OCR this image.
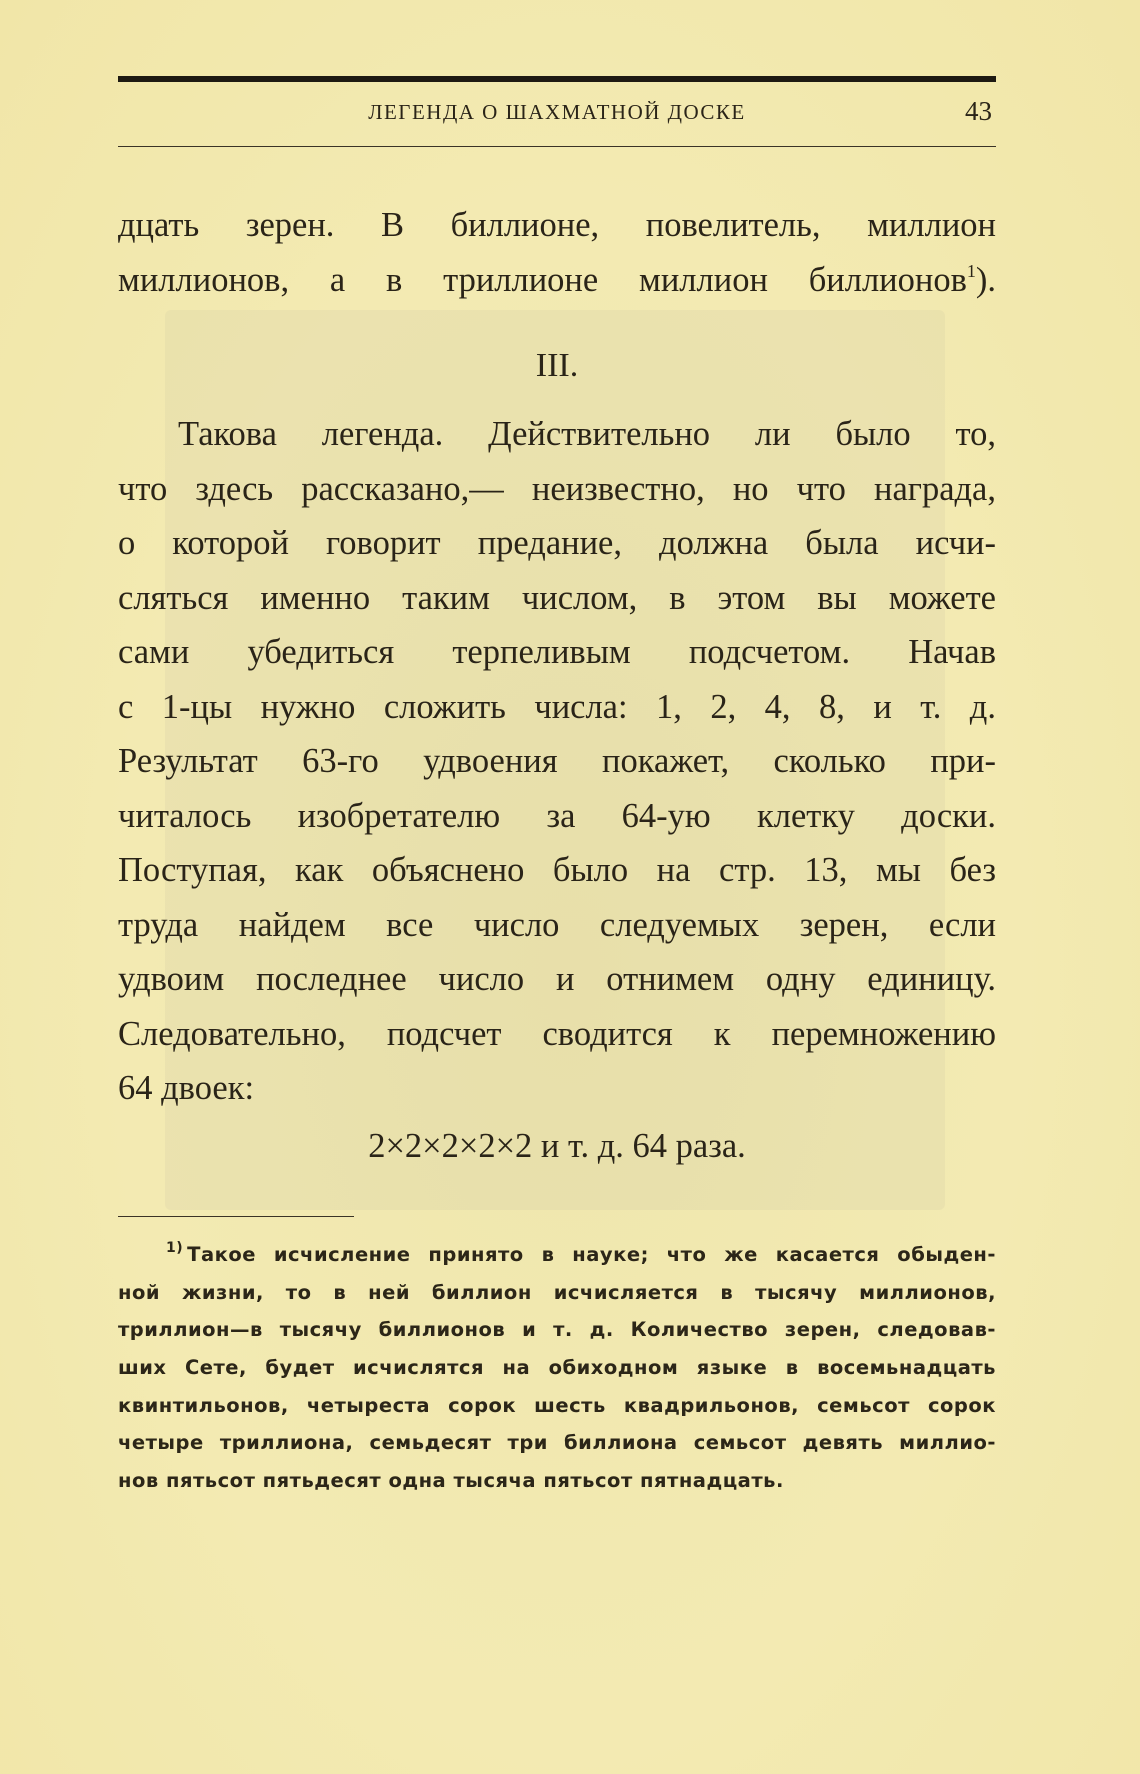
ЛЕГЕНДА О ШАХМАТНОЙ ДОСКЕ	43
дцать зерен. В биллионе, повелитель, миллион
миллионов, а в триллионе миллион биллионов$^1$).
III.
Такова легенда. Действительно ли было то,
что здесь рассказано,— неизвестно, но что награда,
о которой говорит предание, должна была исчи-
сляться именно таким числом, в этом вы можете
сами убедиться терпеливым подсчетом. Начав
с 1-цы нужно сложить числа: 1, 2, 4, 8, и т. д.
Результат 63-го удвоения покажет, сколько при-
читалось изобретателю за 64-ую клетку доски.
Поступая, как объяснено было на стр. 13, мы без
труда найдем все число следуемых зерен, если
удвоим последнее число и отнимем одну единицу.
Следовательно, подсчет сводится к перемножению
64 двоек:
2×2×2×2×2 и т. д. 64 раза.
$^{1)}$ Такое исчисление принято в науке; что же касается обыден-
ной жизни, то в ней биллион исчисляется в тысячу миллионов,
триллион—в тысячу биллионов и т. д. Количество зерен, следовав-
ших Сете, будет исчислятся на обиходном языке в восемьнадцать
квинтильонов, четыреста сорок шесть квадрильонов, семьсот сорок
четыре триллиона, семьдесят три биллиона семьсот девять миллио-
нов пятьсот пятьдесят одна тысяча пятьсот пятнадцать.
